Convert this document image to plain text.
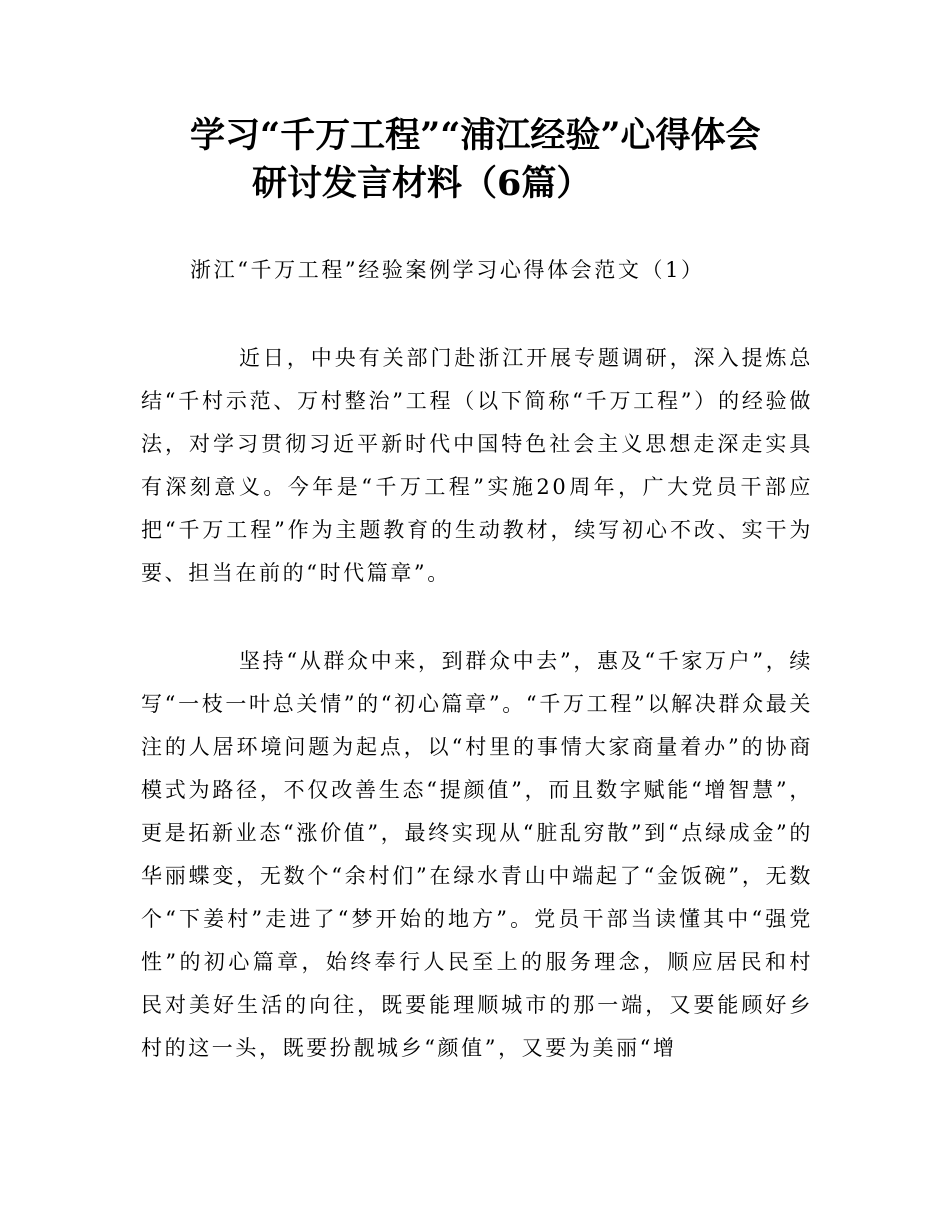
学习“千万工程”“浦江经验”心得体会
研讨发言材料（6篇）
浙江“千万工程”经验案例学习心得体会范文（1）

近日，中央有关部门赴浙江开展专题调研，深入提炼总结“千村示范、万村整治”工程（以下简称“千万工程”）的经验做法，对学习贯彻习近平新时代中国特色社会主义思想走深走实具有深刻意义。今年是“千万工程”实施20周年，广大党员干部应把“千万工程”作为主题教育的生动教材，续写初心不改、实干为要、担当在前的“时代篇章”。

坚持“从群众中来，到群众中去”，惠及“千家万户”，续写“一枝一叶总关情”的“初心篇章”。“千万工程”以解决群众最关注的人居环境问题为起点，以“村里的事情大家商量着办”的协商模式为路径，不仅改善生态“提颜值”，而且数字赋能“增智慧”，更是拓新业态“涨价值”，最终实现从“脏乱穷散”到“点绿成金”的华丽蝶变，无数个“余村们”在绿水青山中端起了“金饭碗”，无数个“下姜村”走进了“梦开始的地方”。党员干部当读懂其中“强党性”的初心篇章，始终奉行人民至上的服务理念，顺应居民和村民对美好生活的向往，既要能理顺城市的那一端，又要能顾好乡村的这一头，既要扮靓城乡“颜值”，又要为美丽“增
